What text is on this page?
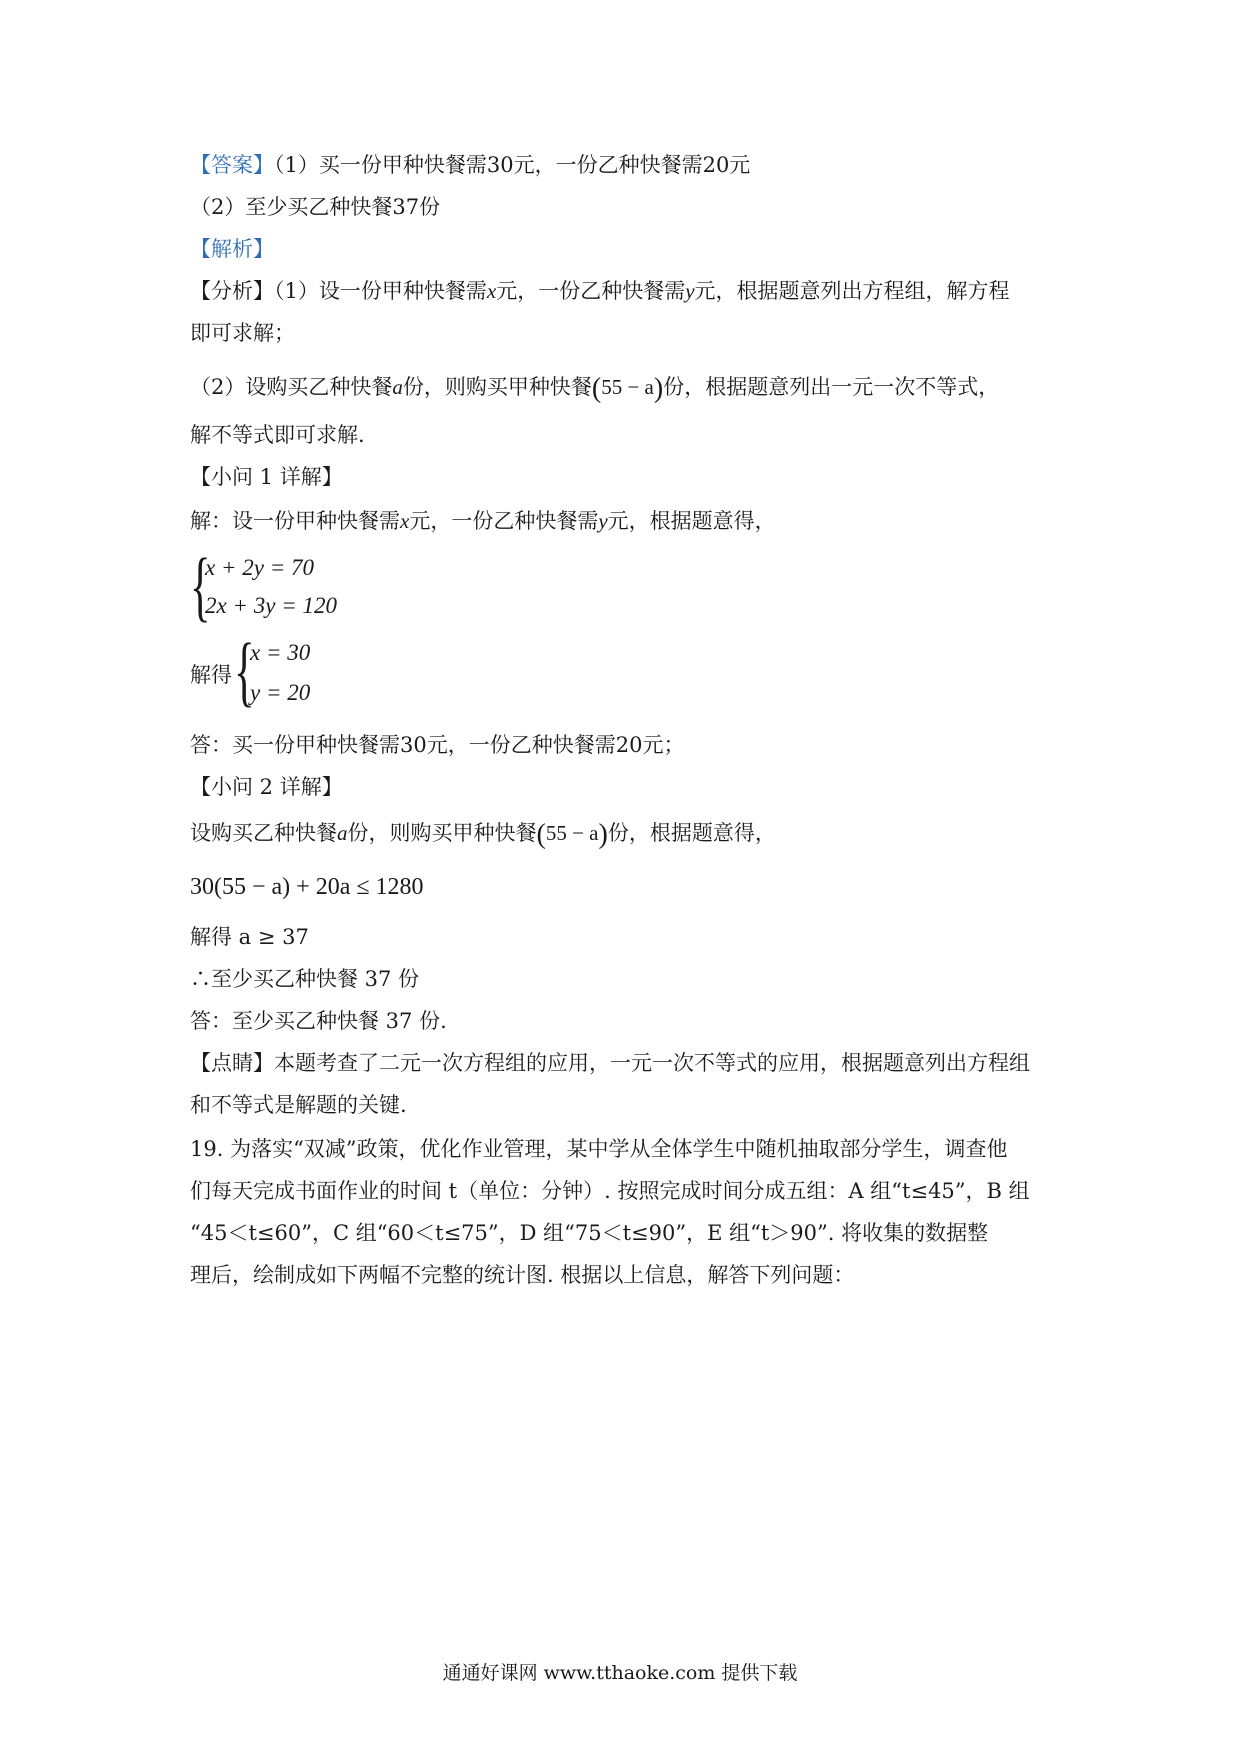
【答案】（1）买一份甲种快餐需30元，一份乙种快餐需20元
（2）至少买乙种快餐37份
【解析】
【分析】（1）设一份甲种快餐需x元，一份乙种快餐需y元，根据题意列出方程组，解方程
即可求解；
（2）设购买乙种快餐a份，则购买甲种快餐(55 − a)份，根据题意列出一元一次不等式，
解不等式即可求解.
【小问 1 详解】
解：设一份甲种快餐需x元，一份乙种快餐需y元，根据题意得，
{
x + 2y = 70
2x + 3y = 120
解得 {
x = 30
y = 20
答：买一份甲种快餐需30元，一份乙种快餐需20元；
【小问 2 详解】
设购买乙种快餐a份，则购买甲种快餐(55 − a)份，根据题意得，
30(55 − a) + 20a ≤ 1280
解得 a ≥ 37
∴至少买乙种快餐 37 份
答：至少买乙种快餐 37 份.
【点睛】本题考查了二元一次方程组的应用，一元一次不等式的应用，根据题意列出方程组
和不等式是解题的关键.
19. 为落实“双减”政策，优化作业管理，某中学从全体学生中随机抽取部分学生，调查他
们每天完成书面作业的时间 t（单位：分钟）. 按照完成时间分成五组：A 组“t≤45”，B 组
“45＜t≤60”，C 组“60＜t≤75”，D 组“75＜t≤90”，E 组“t＞90”. 将收集的数据整
理后，绘制成如下两幅不完整的统计图. 根据以上信息，解答下列问题：
通通好课网 www.tthaoke.com 提供下载
